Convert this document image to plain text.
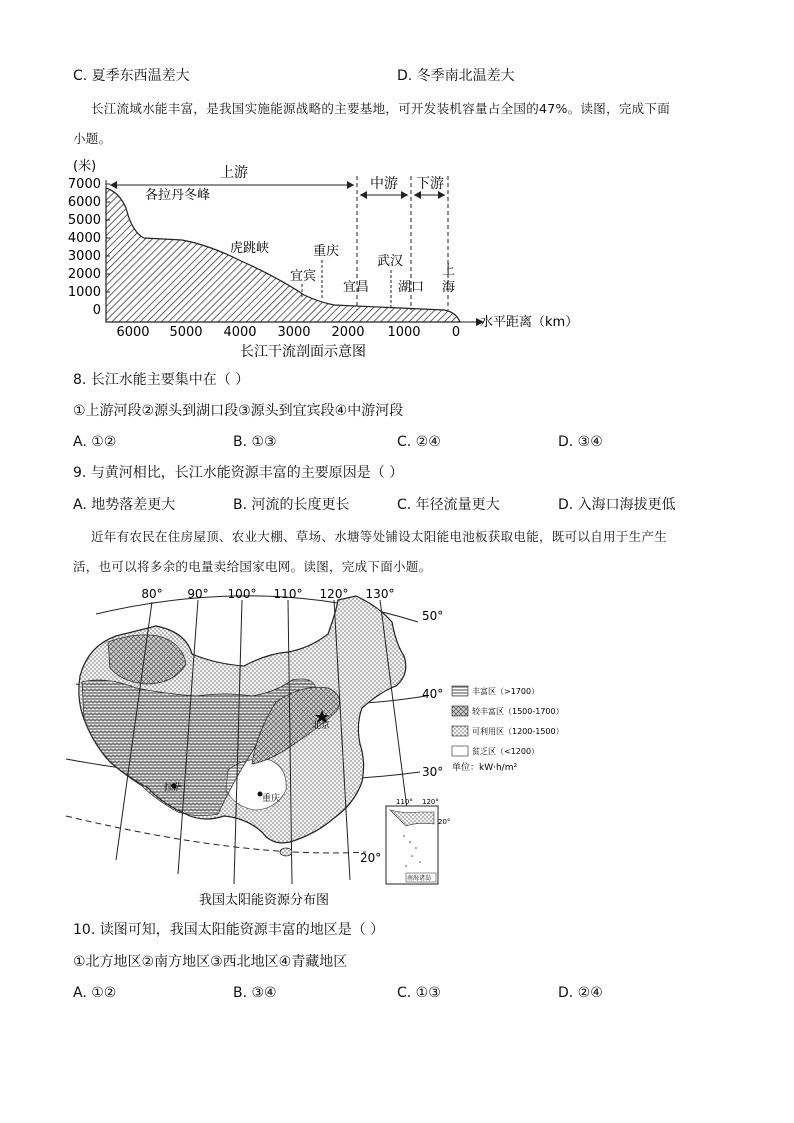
C. 夏季东西温差大	D. 冬季南北温差大
长江流域水能丰富，是我国实施能源战略的主要基地，可开发装机容量占全国的47%。读图，完成下面
小题。
(米)
7000
6000
5000
4000
3000
2000
1000
0
水平距离（km）
6000 5000 4000 3000 2000 1000 0
上游
中游 下游
各拉丹冬峰
虎跳峡	重庆
宜宾
宜昌
武汉
湖口
上
海
长江干流剖面示意图
8. 长江水能主要集中在（ ）
①上游河段②源头到湖口段③源头到宜宾段④中游河段
A. ①②	B. ①③	C. ②④	D. ③④
9. 与黄河相比，长江水能资源丰富的主要原因是（ ）
A. 地势落差更大	B. 河流的长度更长	C. 年径流量更大	D. 入海口海拔更低
近年有农民在住房屋顶、农业大棚、草场、水塘等处铺设太阳能电池板获取电能，既可以自用于生产生
活，也可以将多余的电量卖给国家电网。读图，完成下面小题。
80° 90° 100° 110° 120° 130°
50°
40°
30°
20°
北京
拉萨
重庆
丰富区（>1700）
较丰富区（1500-1700）
可利用区（1200-1500）
贫乏区（<1200）
单位：kW·h/m²
110° 120°
20°
南海诸岛
我国太阳能资源分布图
10. 读图可知，我国太阳能资源丰富的地区是（ ）
①北方地区②南方地区③西北地区④青藏地区
A. ①②	B. ③④	C. ①③	D. ②④
